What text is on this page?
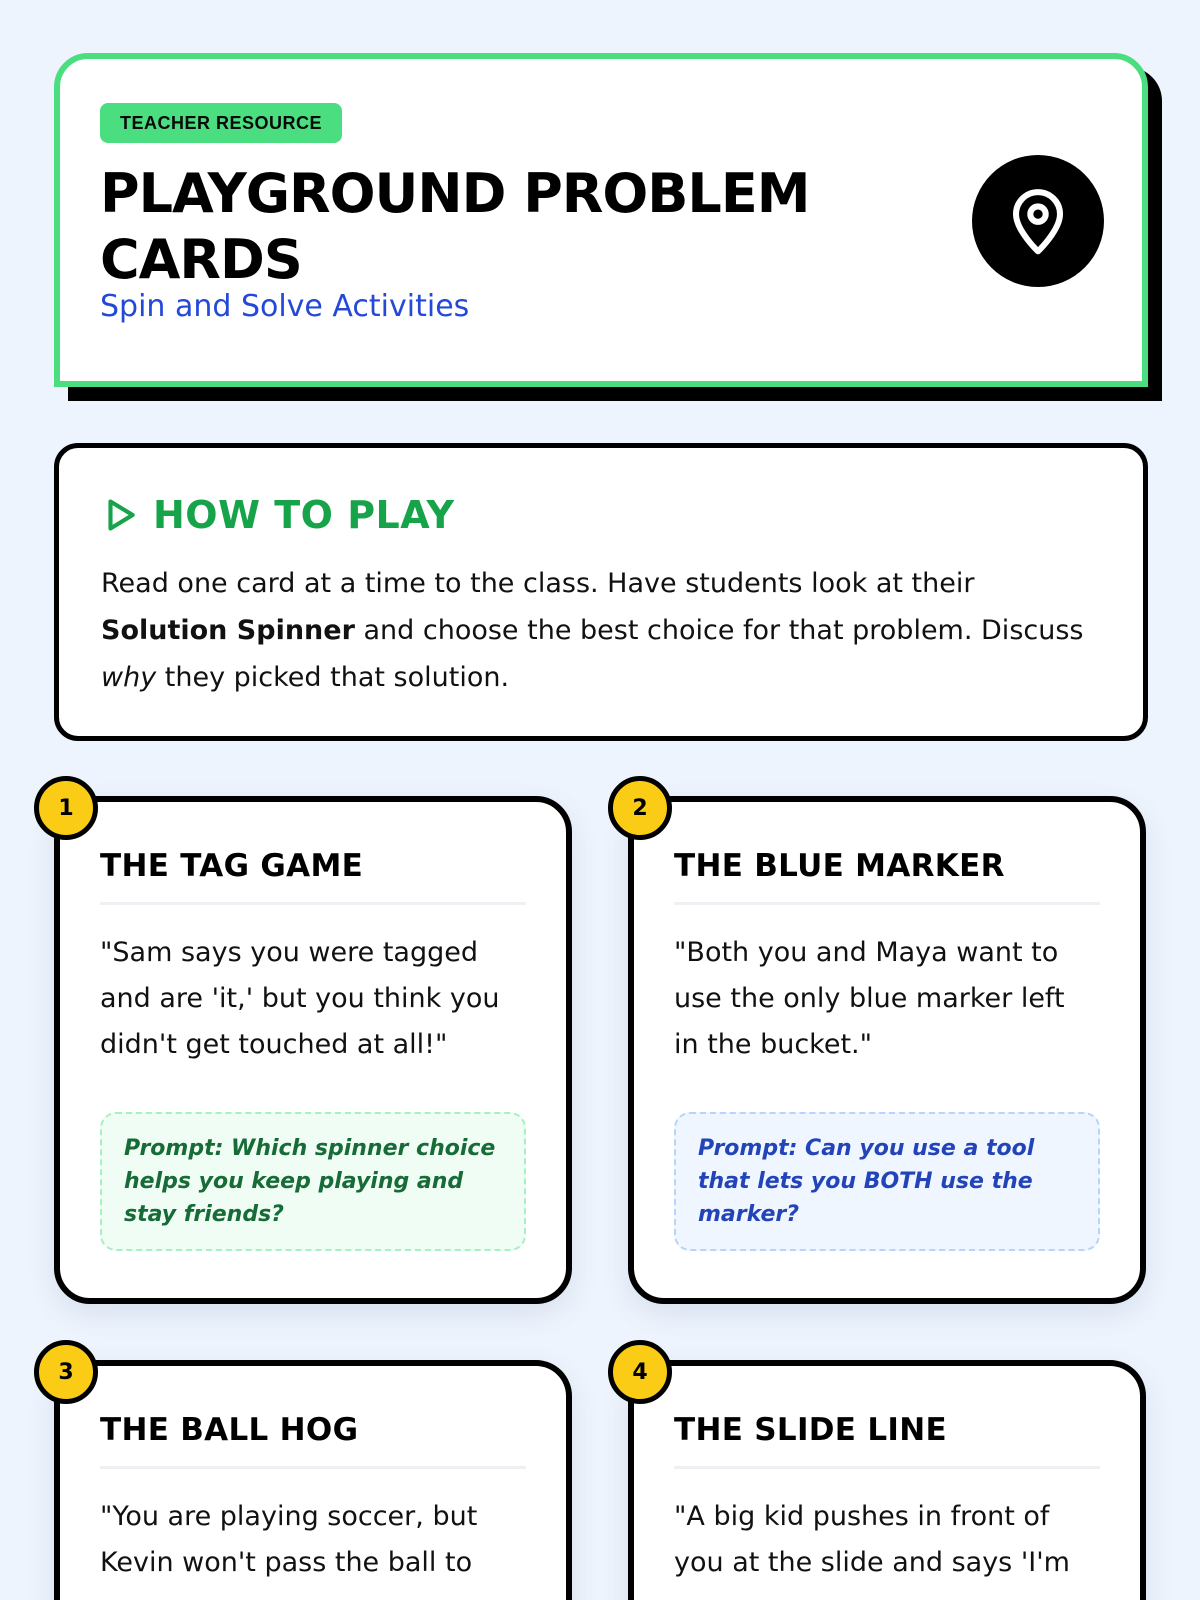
TEACHER RESOURCE
PLAYGROUND PROBLEM CARDS
Spin and Solve Activities
HOW TO PLAY

Read one card at a time to the class. Have students look at their Solution Spinner and choose the best choice for that problem. Discuss why they picked that solution.

1
THE TAG GAME

"Sam says you were tagged and are 'it,' but you think you didn't get touched at all!"

Prompt: Which spinner choice helps you keep playing and stay friends?
2
THE BLUE MARKER

"Both you and Maya want to use the only blue marker left in the bucket."

Prompt: Can you use a tool that lets you BOTH use the marker?
3
THE BALL HOG

"You are playing soccer, but Kevin won't pass the ball to

4
THE SLIDE LINE

"A big kid pushes in front of you at the slide and says 'I'm
